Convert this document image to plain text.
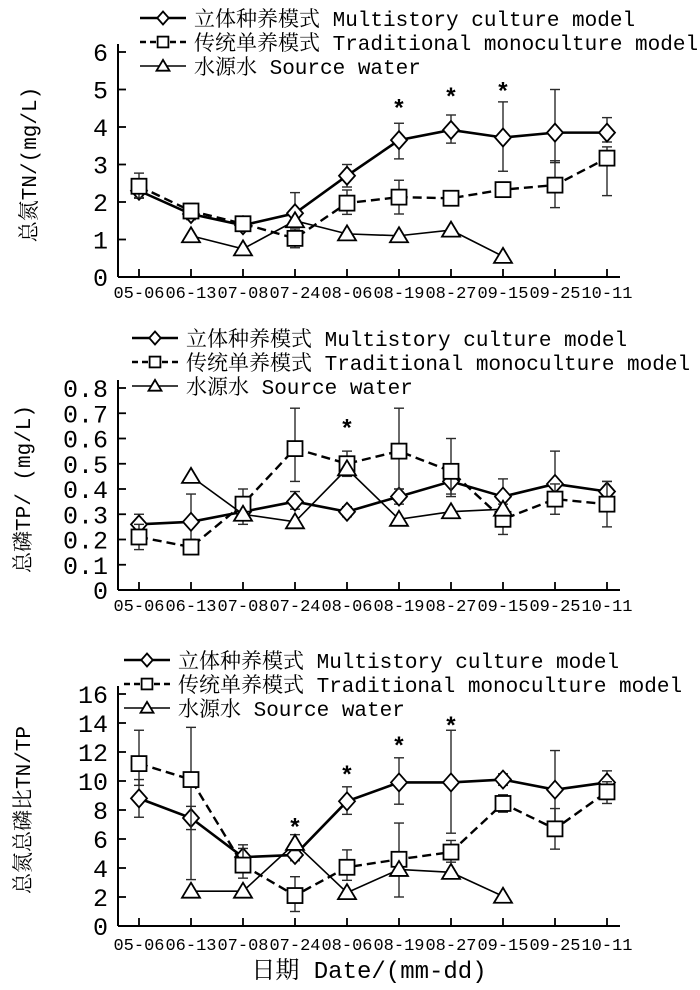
0
1
2
3
4
5
6
05-06 06-13 07-08 07-24 08-06 08-19 08-27 09-15 09-25 10-11
总氮TN/(mg/L)	* * *
立体种养模式 Multistory culture model
传统单养模式 Traditional monoculture model
水源水 Source water
0
0.1
0.2
0.3
0.4
0.5
0.6
0.7
0.8
05-06 06-13 07-08 07-24 08-06 08-19 08-27 09-15 09-25 10-11
总磷TP/ (mg/L)	*
立体种养模式 Multistory culture model
传统单养模式 Traditional monoculture model
水源水 Source water
0
2
4
6
8
10
12
14
16
05-06 06-13 07-08 07-24 08-06 08-19 08-27 09-15 09-25 10-11
总氮总磷比TN/TP	*
*
*
*
立体种养模式 Multistory culture model
传统单养模式 Traditional monoculture model
水源水 Source water
日期 Date/(mm-dd)
